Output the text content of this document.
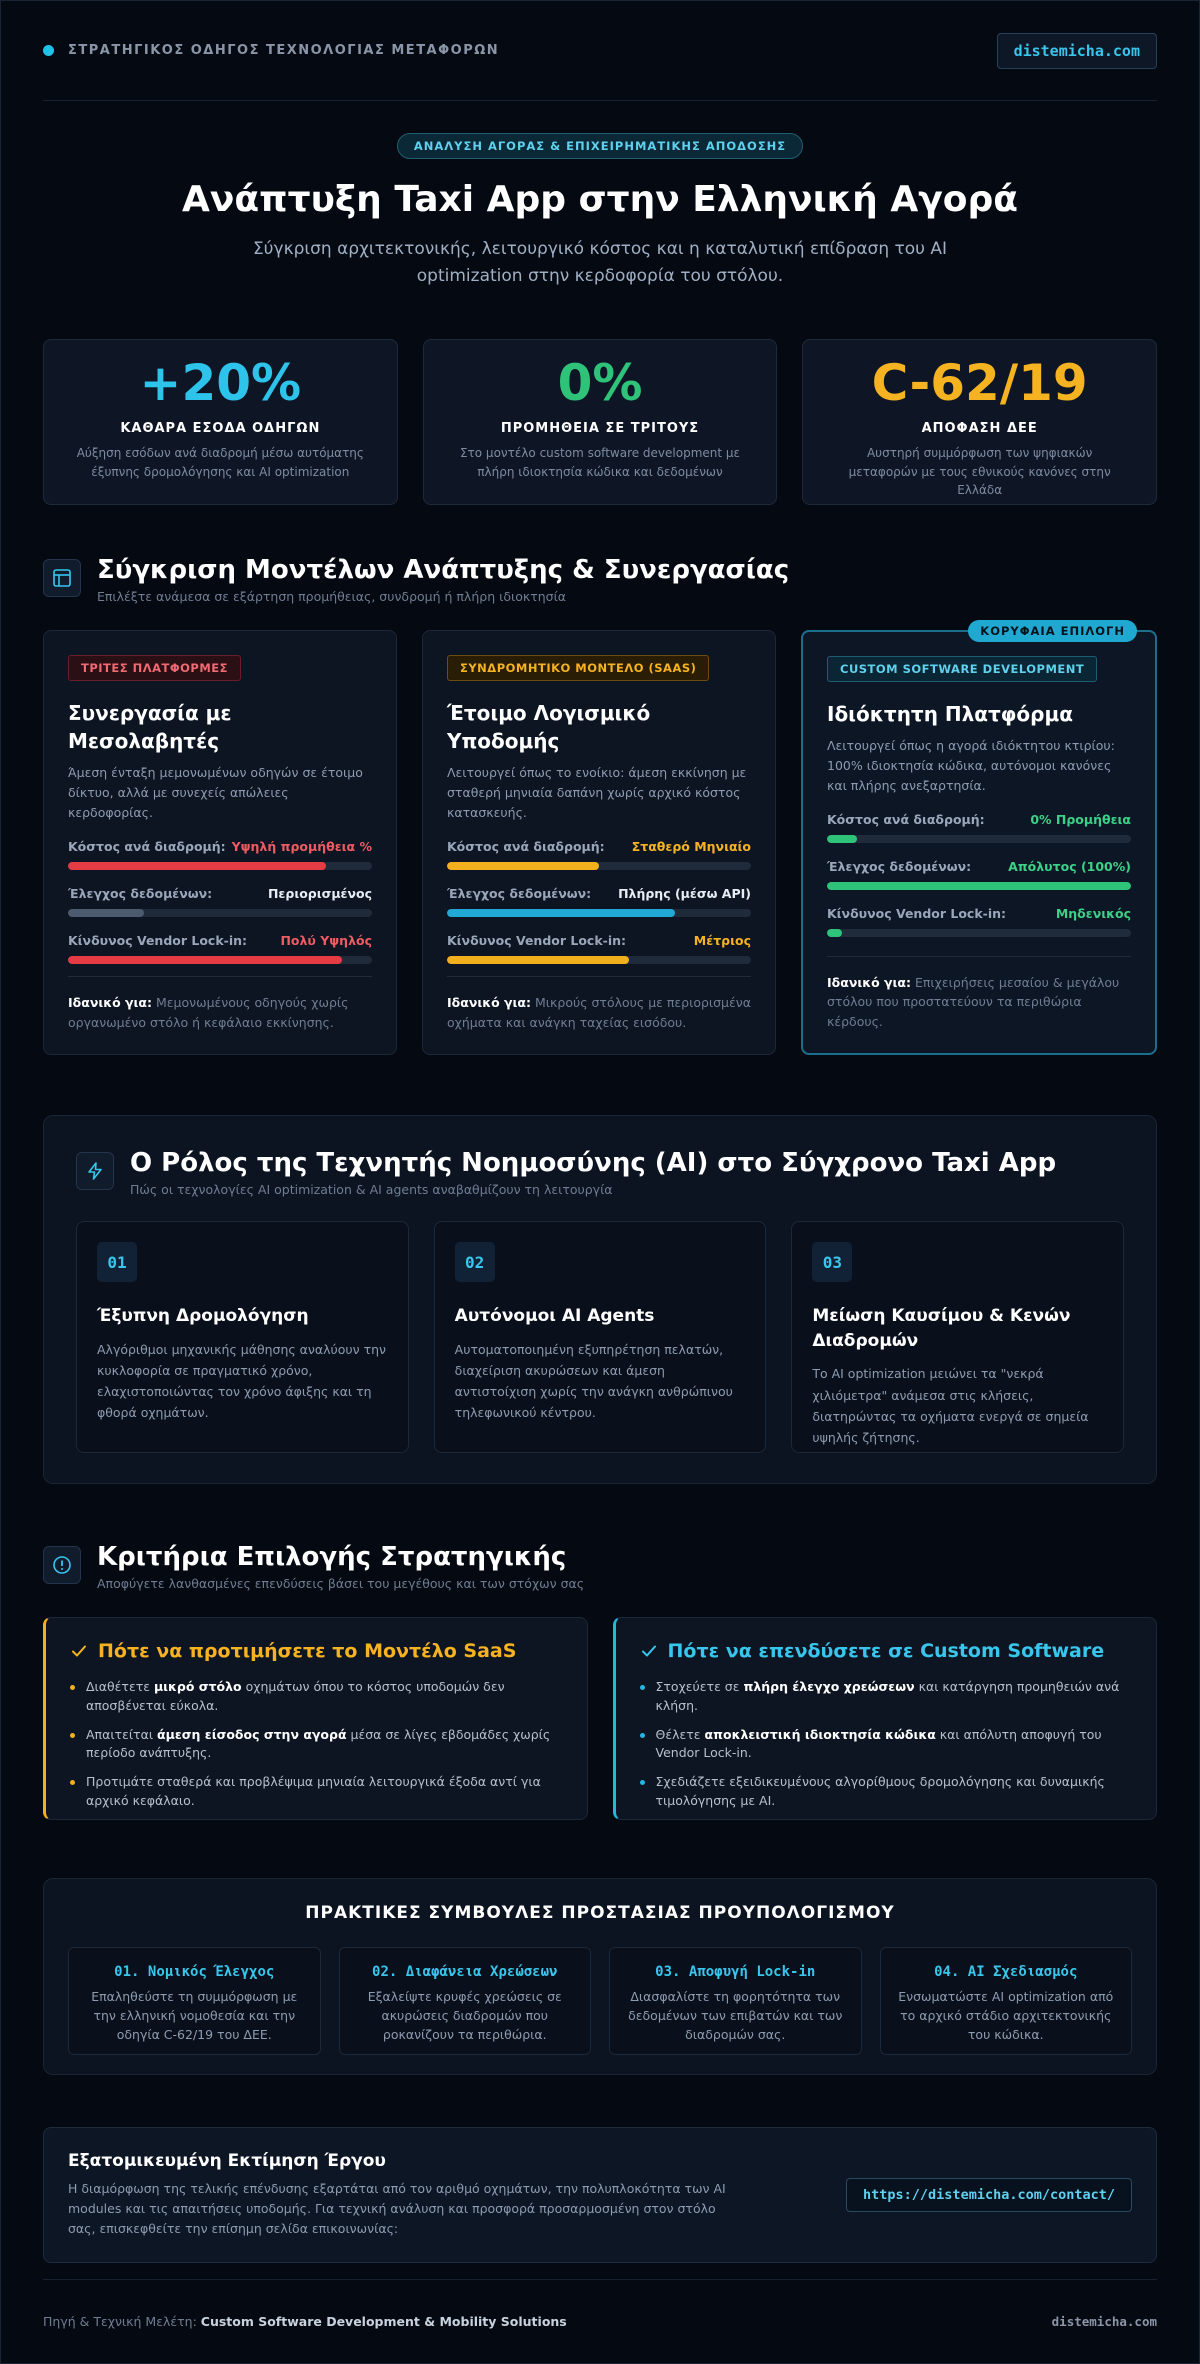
ΣΤΡΑΤΗΓΙΚΟΣ ΟΔΗΓΟΣ ΤΕΧΝΟΛΟΓΙΑΣ ΜΕΤΑΦΟΡΩΝ	distemicha.com
ΑΝΑΛΥΣΗ ΑΓΟΡΑΣ & ΕΠΙΧΕΙΡΗΜΑΤΙΚΗΣ ΑΠΟΔΟΣΗΣ
Ανάπτυξη Taxi App στην Ελληνική Αγορά

Σύγκριση αρχιτεκτονικής, λειτουργικό κόστος και η καταλυτική επίδραση του AI optimization στην κερδοφορία του στόλου.

+20%
ΚΑΘΑΡΑ ΕΣΟΔΑ ΟΔΗΓΩΝ
Αύξηση εσόδων ανά διαδρομή μέσω αυτόματης έξυπνης δρομολόγησης και AI optimization
0%
ΠΡΟΜΗΘΕΙΑ ΣΕ ΤΡΙΤΟΥΣ
Στο μοντέλο custom software development με πλήρη ιδιοκτησία κώδικα και δεδομένων
C-62/19
ΑΠΟΦΑΣΗ ΔΕΕ
Αυστηρή συμμόρφωση των ψηφιακών μεταφορών με τους εθνικούς κανόνες στην Ελλάδα
Σύγκριση Μοντέλων Ανάπτυξης & Συνεργασίας
Επιλέξτε ανάμεσα σε εξάρτηση προμήθειας, συνδρομή ή πλήρη ιδιοκτησία
ΤΡΙΤΕΣ ΠΛΑΤΦΟΡΜΕΣ
Συνεργασία με Μεσολαβητές
Άμεση ένταξη μεμονωμένων οδηγών σε έτοιμο δίκτυο, αλλά με συνεχείς απώλειες κερδοφορίας.
Κόστος ανά διαδρομή: Υψηλή προμήθεια %
Έλεγχος δεδομένων:	Περιορισμένος
Κίνδυνος Vendor Lock-in:	Πολύ Υψηλός
Ιδανικό για: Μεμονωμένους οδηγούς χωρίς οργανωμένο στόλο ή κεφάλαιο εκκίνησης.
ΣΥΝΔΡΟΜΗΤΙΚΟ ΜΟΝΤΕΛΟ (SAAS)
Έτοιμο Λογισμικό Υποδομής
Λειτουργεί όπως το ενοίκιο: άμεση εκκίνηση με σταθερή μηνιαία δαπάνη χωρίς αρχικό κόστος κατασκευής.
Κόστος ανά διαδρομή: Σταθερό Μηνιαίο
Έλεγχος δεδομένων: Πλήρης (μέσω API)
Κίνδυνος Vendor Lock-in:	Μέτριος
Ιδανικό για: Μικρούς στόλους με περιορισμένα οχήματα και ανάγκη ταχείας εισόδου.
ΚΟΡΥΦΑΙΑ ΕΠΙΛΟΓΗ
CUSTOM SOFTWARE DEVELOPMENT
Ιδιόκτητη Πλατφόρμα
Λειτουργεί όπως η αγορά ιδιόκτητου κτιρίου: 100% ιδιοκτησία κώδικα, αυτόνομοι κανόνες και πλήρης ανεξαρτησία.
Κόστος ανά διαδρομή:	0% Προμήθεια
Έλεγχος δεδομένων:	Απόλυτος (100%)
Κίνδυνος Vendor Lock-in:	Μηδενικός
Ιδανικό για: Επιχειρήσεις μεσαίου & μεγάλου στόλου που προστατεύουν τα περιθώρια κέρδους.
Ο Ρόλος της Τεχνητής Νοημοσύνης (AI) στο Σύγχρονο Taxi App
Πώς οι τεχνολογίες AI optimization & AI agents αναβαθμίζουν τη λειτουργία
01
Έξυπνη Δρομολόγηση
Αλγόριθμοι μηχανικής μάθησης αναλύουν την κυκλοφορία σε πραγματικό χρόνο, ελαχιστοποιώντας τον χρόνο άφιξης και τη φθορά οχημάτων.
02
Αυτόνομοι AI Agents
Αυτοματοποιημένη εξυπηρέτηση πελατών, διαχείριση ακυρώσεων και άμεση αντιστοίχιση χωρίς την ανάγκη ανθρώπινου τηλεφωνικού κέντρου.
03
Μείωση Καυσίμου & Κενών Διαδρομών
Το AI optimization μειώνει τα "νεκρά χιλιόμετρα" ανάμεσα στις κλήσεις, διατηρώντας τα οχήματα ενεργά σε σημεία υψηλής ζήτησης.
Κριτήρια Επιλογής Στρατηγικής
Αποφύγετε λανθασμένες επενδύσεις βάσει του μεγέθους και των στόχων σας
Πότε να προτιμήσετε το Μοντέλο SaaS
Διαθέτετε μικρό στόλο οχημάτων όπου το κόστος υποδομών δεν αποσβένεται εύκολα.
Απαιτείται άμεση είσοδος στην αγορά μέσα σε λίγες εβδομάδες χωρίς περίοδο ανάπτυξης.
Προτιμάτε σταθερά και προβλέψιμα μηνιαία λειτουργικά έξοδα αντί για αρχικό κεφάλαιο.
Πότε να επενδύσετε σε Custom Software
Στοχεύετε σε πλήρη έλεγχο χρεώσεων και κατάργηση προμηθειών ανά κλήση.
Θέλετε αποκλειστική ιδιοκτησία κώδικα και απόλυτη αποφυγή του Vendor Lock-in.
Σχεδιάζετε εξειδικευμένους αλγορίθμους δρομολόγησης και δυναμικής τιμολόγησης με AI.
ΠΡΑΚΤΙΚΕΣ ΣΥΜΒΟΥΛΕΣ ΠΡΟΣΤΑΣΙΑΣ ΠΡΟΥΠΟΛΟΓΙΣΜΟΥ
01. Νομικός Έλεγχος
Επαληθεύστε τη συμμόρφωση με την ελληνική νομοθεσία και την οδηγία C-62/19 του ΔΕΕ.
02. Διαφάνεια Χρεώσεων
Εξαλείψτε κρυφές χρεώσεις σε ακυρώσεις διαδρομών που ροκανίζουν τα περιθώρια.
03. Αποφυγή Lock-in
Διασφαλίστε τη φορητότητα των δεδομένων των επιβατών και των διαδρομών σας.
04. AI Σχεδιασμός
Ενσωματώστε AI optimization από το αρχικό στάδιο αρχιτεκτονικής του κώδικα.
Εξατομικευμένη Εκτίμηση Έργου

Η διαμόρφωση της τελικής επένδυσης εξαρτάται από τον αριθμό οχημάτων, την πολυπλοκότητα των AI modules και τις απαιτήσεις υποδομής. Για τεχνική ανάλυση και προσφορά προσαρμοσμένη στον στόλο σας, επισκεφθείτε την επίσημη σελίδα επικοινωνίας:

https://distemicha.com/contact/
Πηγή & Τεχνική Μελέτη: Custom Software Development & Mobility Solutions	distemicha.com
